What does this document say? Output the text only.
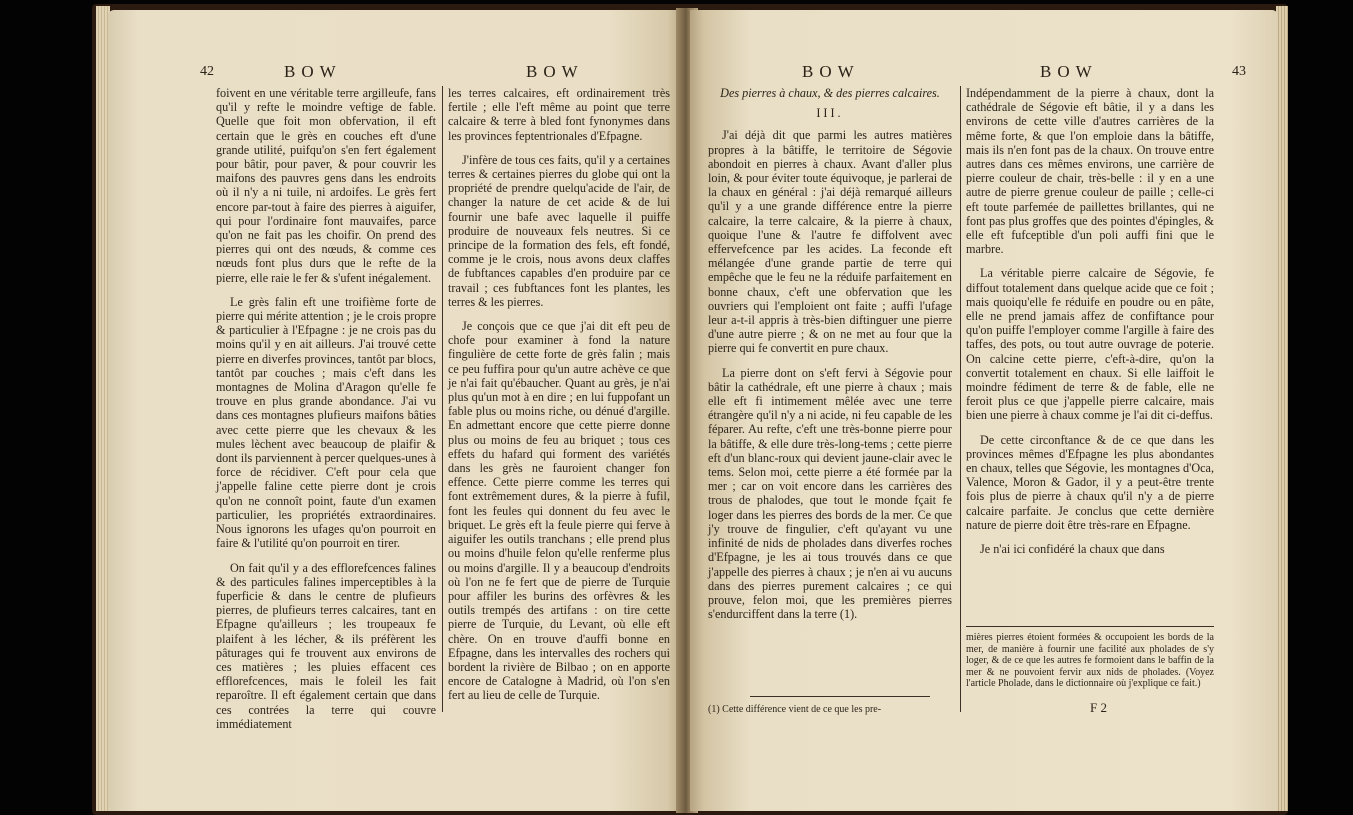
42	BOW	BOW

foivent en une véritable terre argilleufe, fans qu'il y refte le moindre veftige de fable. Quelle que foit mon obfervation, il eft certain que le grès en couches eft d'une grande utilité, puifqu'on s'en fert également pour bâtir, pour paver, & pour couvrir les maifons des pauvres gens dans les endroits où il n'y a ni tuile, ni ardoifes. Le grès fert encore par-tout à faire des pierres à aiguifer, qui pour l'ordinaire font mauvaifes, parce qu'on ne fait pas les choifir. On prend des pierres qui ont des nœuds, & comme ces nœuds font plus durs que le refte de la pierre, elle raie le fer & s'ufent inégalement.

Le grès falin eft une troifième forte de pierre qui mérite attention ; je le crois propre & particulier à l'Efpagne : je ne crois pas du moins qu'il y en ait ailleurs. J'ai trouvé cette pierre en diverfes provinces, tantôt par blocs, tantôt par couches ; mais c'eft dans les montagnes de Molina d'Aragon qu'elle fe trouve en plus grande abondance. J'ai vu dans ces montagnes plufieurs maifons bâties avec cette pierre que les chevaux & les mules lèchent avec beaucoup de plaifir & dont ils parviennent à percer quelques-unes à force de récidiver. C'eft pour cela que j'appelle faline cette pierre dont je crois qu'on ne connoît point, faute d'un examen particulier, les propriétés extraordinaires. Nous ignorons les ufages qu'on pourroit en faire & l'utilité qu'on pourroit en tirer.

On fait qu'il y a des efflorefcences falines & des particules falines imperceptibles à la fuperficie & dans le centre de plufieurs pierres, de plufieurs terres calcaires, tant en Efpagne qu'ailleurs ; les troupeaux fe plaifent à les lécher, & ils préfèrent les pâturages qui fe trouvent aux environs de ces matières ; les pluies effacent ces efflorefcences, mais le foleil les fait reparoître. Il eft également certain que dans ces contrées la terre qui couvre immédiatement

les terres calcaires, eft ordinairement très fertile ; elle l'eft même au point que terre calcaire & terre à bled font fynonymes dans les provinces feptentrionales d'Efpagne.

J'infère de tous ces faits, qu'il y a certaines terres & certaines pierres du globe qui ont la propriété de prendre quelqu'acide de l'air, de changer la nature de cet acide & de lui fournir une bafe avec laquelle il puiffe produire de nouveaux fels neutres. Si ce principe de la formation des fels, eft fondé, comme je le crois, nous avons deux claffes de fubftances capables d'en produire par ce travail ; ces fubftances font les plantes, les terres & les pierres.

Je conçois que ce que j'ai dit eft peu de chofe pour examiner à fond la nature fingulière de cette forte de grès falin ; mais ce peu fuffira pour qu'un autre achève ce que je n'ai fait qu'ébaucher. Quant au grès, je n'ai plus qu'un mot à en dire ; en lui fuppofant un fable plus ou moins riche, ou dénué d'argille. En admettant encore que cette pierre donne plus ou moins de feu au briquet ; tous ces effets du hafard qui forment des variétés dans les grès ne fauroient changer fon effence. Cette pierre comme les terres qui font extrêmement dures, & la pierre à fufil, font les feules qui donnent du feu avec le briquet. Le grès eft la feule pierre qui ferve à aiguifer les outils tranchans ; elle prend plus ou moins d'huile felon qu'elle renferme plus ou moins d'argille. Il y a beaucoup d'endroits où l'on ne fe fert que de pierre de Turquie pour affiler les burins des orfèvres & les outils trempés des artifans : on tire cette pierre de Turquie, du Levant, où elle eft chère. On en trouve d'auffi bonne en Efpagne, dans les intervalles des rochers qui bordent la rivière de Bilbao ; on en apporte encore de Catalogne à Madrid, où l'on s'en fert au lieu de celle de Turquie.

BOW	BOW	43

Des pierres à chaux, & des pierres calcaires.

III.

J'ai déjà dit que parmi les autres matières propres à la bâtiffe, le territoire de Ségovie abondoit en pierres à chaux. Avant d'aller plus loin, & pour éviter toute équivoque, je parlerai de la chaux en général : j'ai déjà remarqué ailleurs qu'il y a une grande différence entre la pierre calcaire, la terre calcaire, & la pierre à chaux, quoique l'une & l'autre fe diffolvent avec effervefcence par les acides. La feconde eft mélangée d'une grande partie de terre qui empêche que le feu ne la réduife parfaitement en bonne chaux, c'eft une obfervation que les ouvriers qui l'emploient ont faite ; auffi l'ufage leur a-t-il appris à très-bien diftinguer une pierre d'une autre pierre ; & on ne met au four que la pierre qui fe convertit en pure chaux.

La pierre dont on s'eft fervi à Ségovie pour bâtir la cathédrale, eft une pierre à chaux ; mais elle eft fi intimement mêlée avec une terre étrangère qu'il n'y a ni acide, ni feu capable de les féparer. Au refte, c'eft une très-bonne pierre pour la bâtiffe, & elle dure très-long-tems ; cette pierre eft d'un blanc-roux qui devient jaune-clair avec le tems. Selon moi, cette pierre a été formée par la mer ; car on voit encore dans les carrières des trous de phalodes, que tout le monde fçait fe loger dans les pierres des bords de la mer. Ce que j'y trouve de fingulier, c'eft qu'ayant vu une infinité de nids de pholades dans diverfes roches d'Efpagne, je les ai tous trouvés dans ce que j'appelle des pierres à chaux ; je n'en ai vu aucuns dans des pierres purement calcaires ; ce qui prouve, felon moi, que les premières pierres s'endurciffent dans la terre (1).

(1) Cette différence vient de ce que les pre-

Indépendamment de la pierre à chaux, dont la cathédrale de Ségovie eft bâtie, il y a dans les environs de cette ville d'autres carrières de la même forte, & que l'on emploie dans la bâtiffe, mais ils n'en font pas de la chaux. On trouve entre autres dans ces mêmes environs, une carrière de pierre couleur de chair, très-belle : il y en a une autre de pierre grenue couleur de paille ; celle-ci eft toute parfemée de paillettes brillantes, qui ne font pas plus groffes que des pointes d'épingles, & elle eft fufceptible d'un poli auffi fini que le marbre.

La véritable pierre calcaire de Ségovie, fe diffout totalement dans quelque acide que ce foit ; mais quoiqu'elle fe réduife en poudre ou en pâte, elle ne prend jamais affez de confiftance pour qu'on puiffe l'employer comme l'argille à faire des taffes, des pots, ou tout autre ouvrage de poterie. On calcine cette pierre, c'eft-à-dire, qu'on la convertit totalement en chaux. Si elle laiffoit le moindre fédiment de terre & de fable, elle ne feroit plus ce que j'appelle pierre calcaire, mais bien une pierre à chaux comme je l'ai dit ci-deffus.

De cette circonftance & de ce que dans les provinces mêmes d'Efpagne les plus abondantes en chaux, telles que Ségovie, les montagnes d'Oca, Valence, Moron & Gador, il y a peut-être trente fois plus de pierre à chaux qu'il n'y a de pierre calcaire parfaite. Je conclus que cette dernière nature de pierre doit être très-rare en Efpagne.

Je n'ai ici confidéré la chaux que dans

mières pierres étoient formées & occupoient les bords de la mer, de manière à fournir une facilité aux pholades de s'y loger, & de ce que les autres fe formoient dans le baffin de la mer & ne pouvoient fervir aux nids de pholades. (Voyez l'article Pholade, dans le dictionnaire où j'explique ce fait.)

F 2
